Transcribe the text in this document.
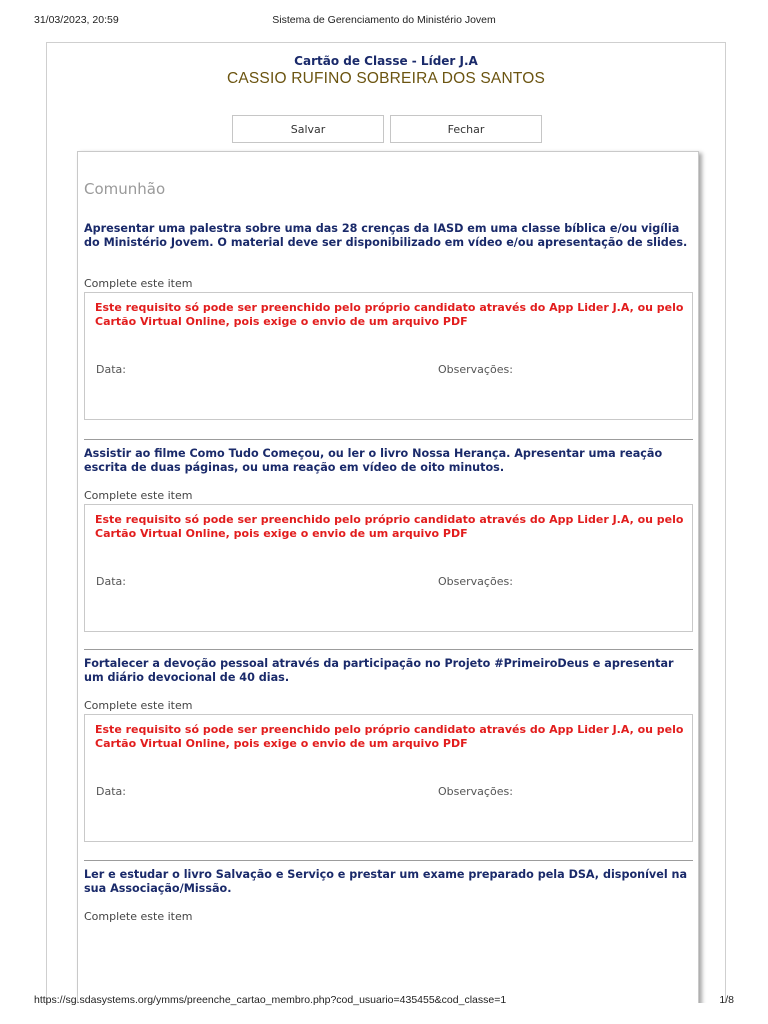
31/03/2023, 20:59	Sistema de Gerenciamento do Ministério Jovem
Cartão de Classe - Líder J.A
CASSIO RUFINO SOBREIRA DOS SANTOS
Salvar	Fechar
Comunhão
Apresentar uma palestra sobre uma das 28 crenças da IASD em uma classe bíblica e/ou vigília do Ministério Jovem. O material deve ser disponibilizado em vídeo e/ou apresentação de slides.
Complete este item
Este requisito só pode ser preenchido pelo próprio candidato através do App Lider J.A, ou pelo Cartão Virtual Online, pois exige o envio de um arquivo PDF
Data:	Observações:
Assistir ao filme Como Tudo Começou, ou ler o livro Nossa Herança. Apresentar uma reação escrita de duas páginas, ou uma reação em vídeo de oito minutos.
Complete este item
Este requisito só pode ser preenchido pelo próprio candidato através do App Lider J.A, ou pelo Cartão Virtual Online, pois exige o envio de um arquivo PDF
Data:	Observações:
Fortalecer a devoção pessoal através da participação no Projeto #PrimeiroDeus e apresentar um diário devocional de 40 dias.
Complete este item
Este requisito só pode ser preenchido pelo próprio candidato através do App Lider J.A, ou pelo Cartão Virtual Online, pois exige o envio de um arquivo PDF
Data:	Observações:
Ler e estudar o livro Salvação e Serviço e prestar um exame preparado pela DSA, disponível na sua Associação/Missão.
Complete este item
https://sg.sdasystems.org/ymms/preenche_cartao_membro.php?cod_usuario=435455&cod_classe=1	1/8
